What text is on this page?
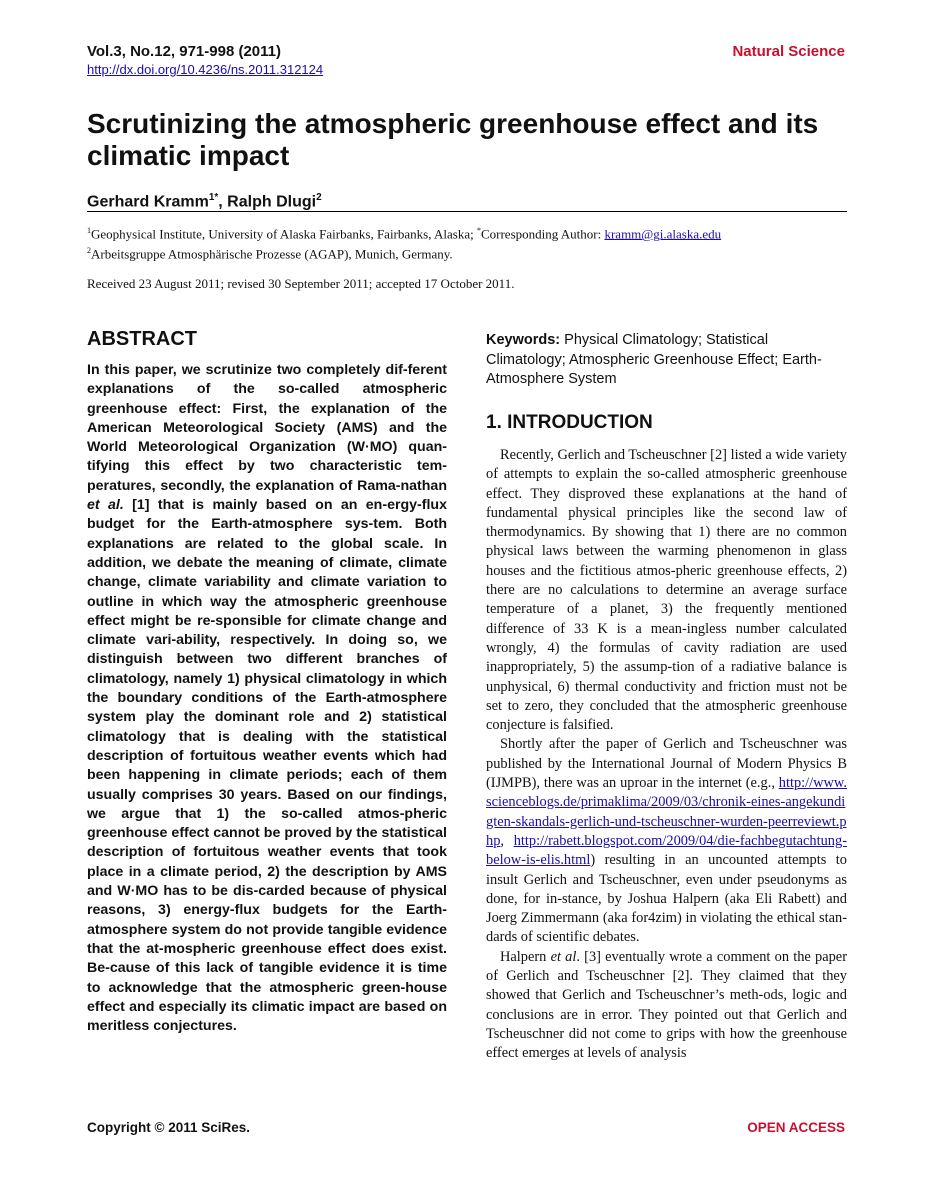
Vol.3, No.12, 971-998 (2011)
http://dx.doi.org/10.4236/ns.2011.312124
Natural Science
Scrutinizing the atmospheric greenhouse effect and its climatic impact
Gerhard Kramm$^{1*}$, Ralph Dlugi$^2$
$^1$Geophysical Institute, University of Alaska Fairbanks, Fairbanks, Alaska; *Corresponding Author: kramm@gi.alaska.edu
$^2$Arbeitsgruppe Atmosphärische Prozesse (AGAP), Munich, Germany.
Received 23 August 2011; revised 30 September 2011; accepted 17 October 2011.
ABSTRACT
In this paper, we scrutinize two completely dif-ferent explanations of the so-called atmospheric greenhouse effect: First, the explanation of the American Meteorological Society (AMS) and the World Meteorological Organization (W·MO) quan-tifying this effect by two characteristic tem-peratures, secondly, the explanation of Rama-nathan et al. [1] that is mainly based on an en-ergy-flux budget for the Earth-atmosphere sys-tem. Both explanations are related to the global scale. In addition, we debate the meaning of climate, climate change, climate variability and climate variation to outline in which way the atmospheric greenhouse effect might be re-sponsible for climate change and climate vari-ability, respectively. In doing so, we distinguish between two different branches of climatology, namely 1) physical climatology in which the boundary conditions of the Earth-atmosphere system play the dominant role and 2) statistical climatology that is dealing with the statistical description of fortuitous weather events which had been happening in climate periods; each of them usually comprises 30 years. Based on our findings, we argue that 1) the so-called atmos-pheric greenhouse effect cannot be proved by the statistical description of fortuitous weather events that took place in a climate period, 2) the description by AMS and W·MO has to be dis-carded because of physical reasons, 3) energy-flux budgets for the Earth-atmosphere system do not provide tangible evidence that the at-mospheric greenhouse effect does exist. Be-cause of this lack of tangible evidence it is time to acknowledge that the atmospheric green-house effect and especially its climatic impact are based on meritless conjectures.
Keywords: Physical Climatology; Statistical Climatology; Atmospheric Greenhouse Effect; Earth-Atmosphere System
1. INTRODUCTION

Recently, Gerlich and Tscheuschner [2] listed a wide variety of attempts to explain the so-called atmospheric greenhouse effect. They disproved these explanations at the hand of fundamental physical principles like the second law of thermodynamics. By showing that 1) there are no common physical laws between the warming phenomenon in glass houses and the fictitious atmos-pheric greenhouse effects, 2) there are no calculations to determine an average surface temperature of a planet, 3) the frequently mentioned difference of 33 K is a mean-ingless number calculated wrongly, 4) the formulas of cavity radiation are used inappropriately, 5) the assump-tion of a radiative balance is unphysical, 6) thermal conductivity and friction must not be set to zero, they concluded that the atmospheric greenhouse conjecture is falsified.

Shortly after the paper of Gerlich and Tscheuschner was published by the International Journal of Modern Physics B (IJMPB), there was an uproar in the internet (e.g., http://www.scienceblogs.de/primaklima/2009/03/chronik-eines-angekundigten-skandals-gerlich-und-tscheuschner-wurden-peerreviewt.php, http://rabett.blogspot.com/2009/04/die-fachbegutachtung-below-is-elis.html) resulting in an uncounted attempts to insult Gerlich and Tscheuschner, even under pseudonyms as done, for in-stance, by Joshua Halpern (aka Eli Rabett) and Joerg Zimmermann (aka for4zim) in violating the ethical stan-dards of scientific debates.

Halpern et al. [3] eventually wrote a comment on the paper of Gerlich and Tscheuschner [2]. They claimed that they showed that Gerlich and Tscheuschner’s meth-ods, logic and conclusions are in error. They pointed out that Gerlich and Tscheuschner did not come to grips with how the greenhouse effect emerges at levels of analysis

Copyright © 2011 SciRes.	OPEN ACCESS
